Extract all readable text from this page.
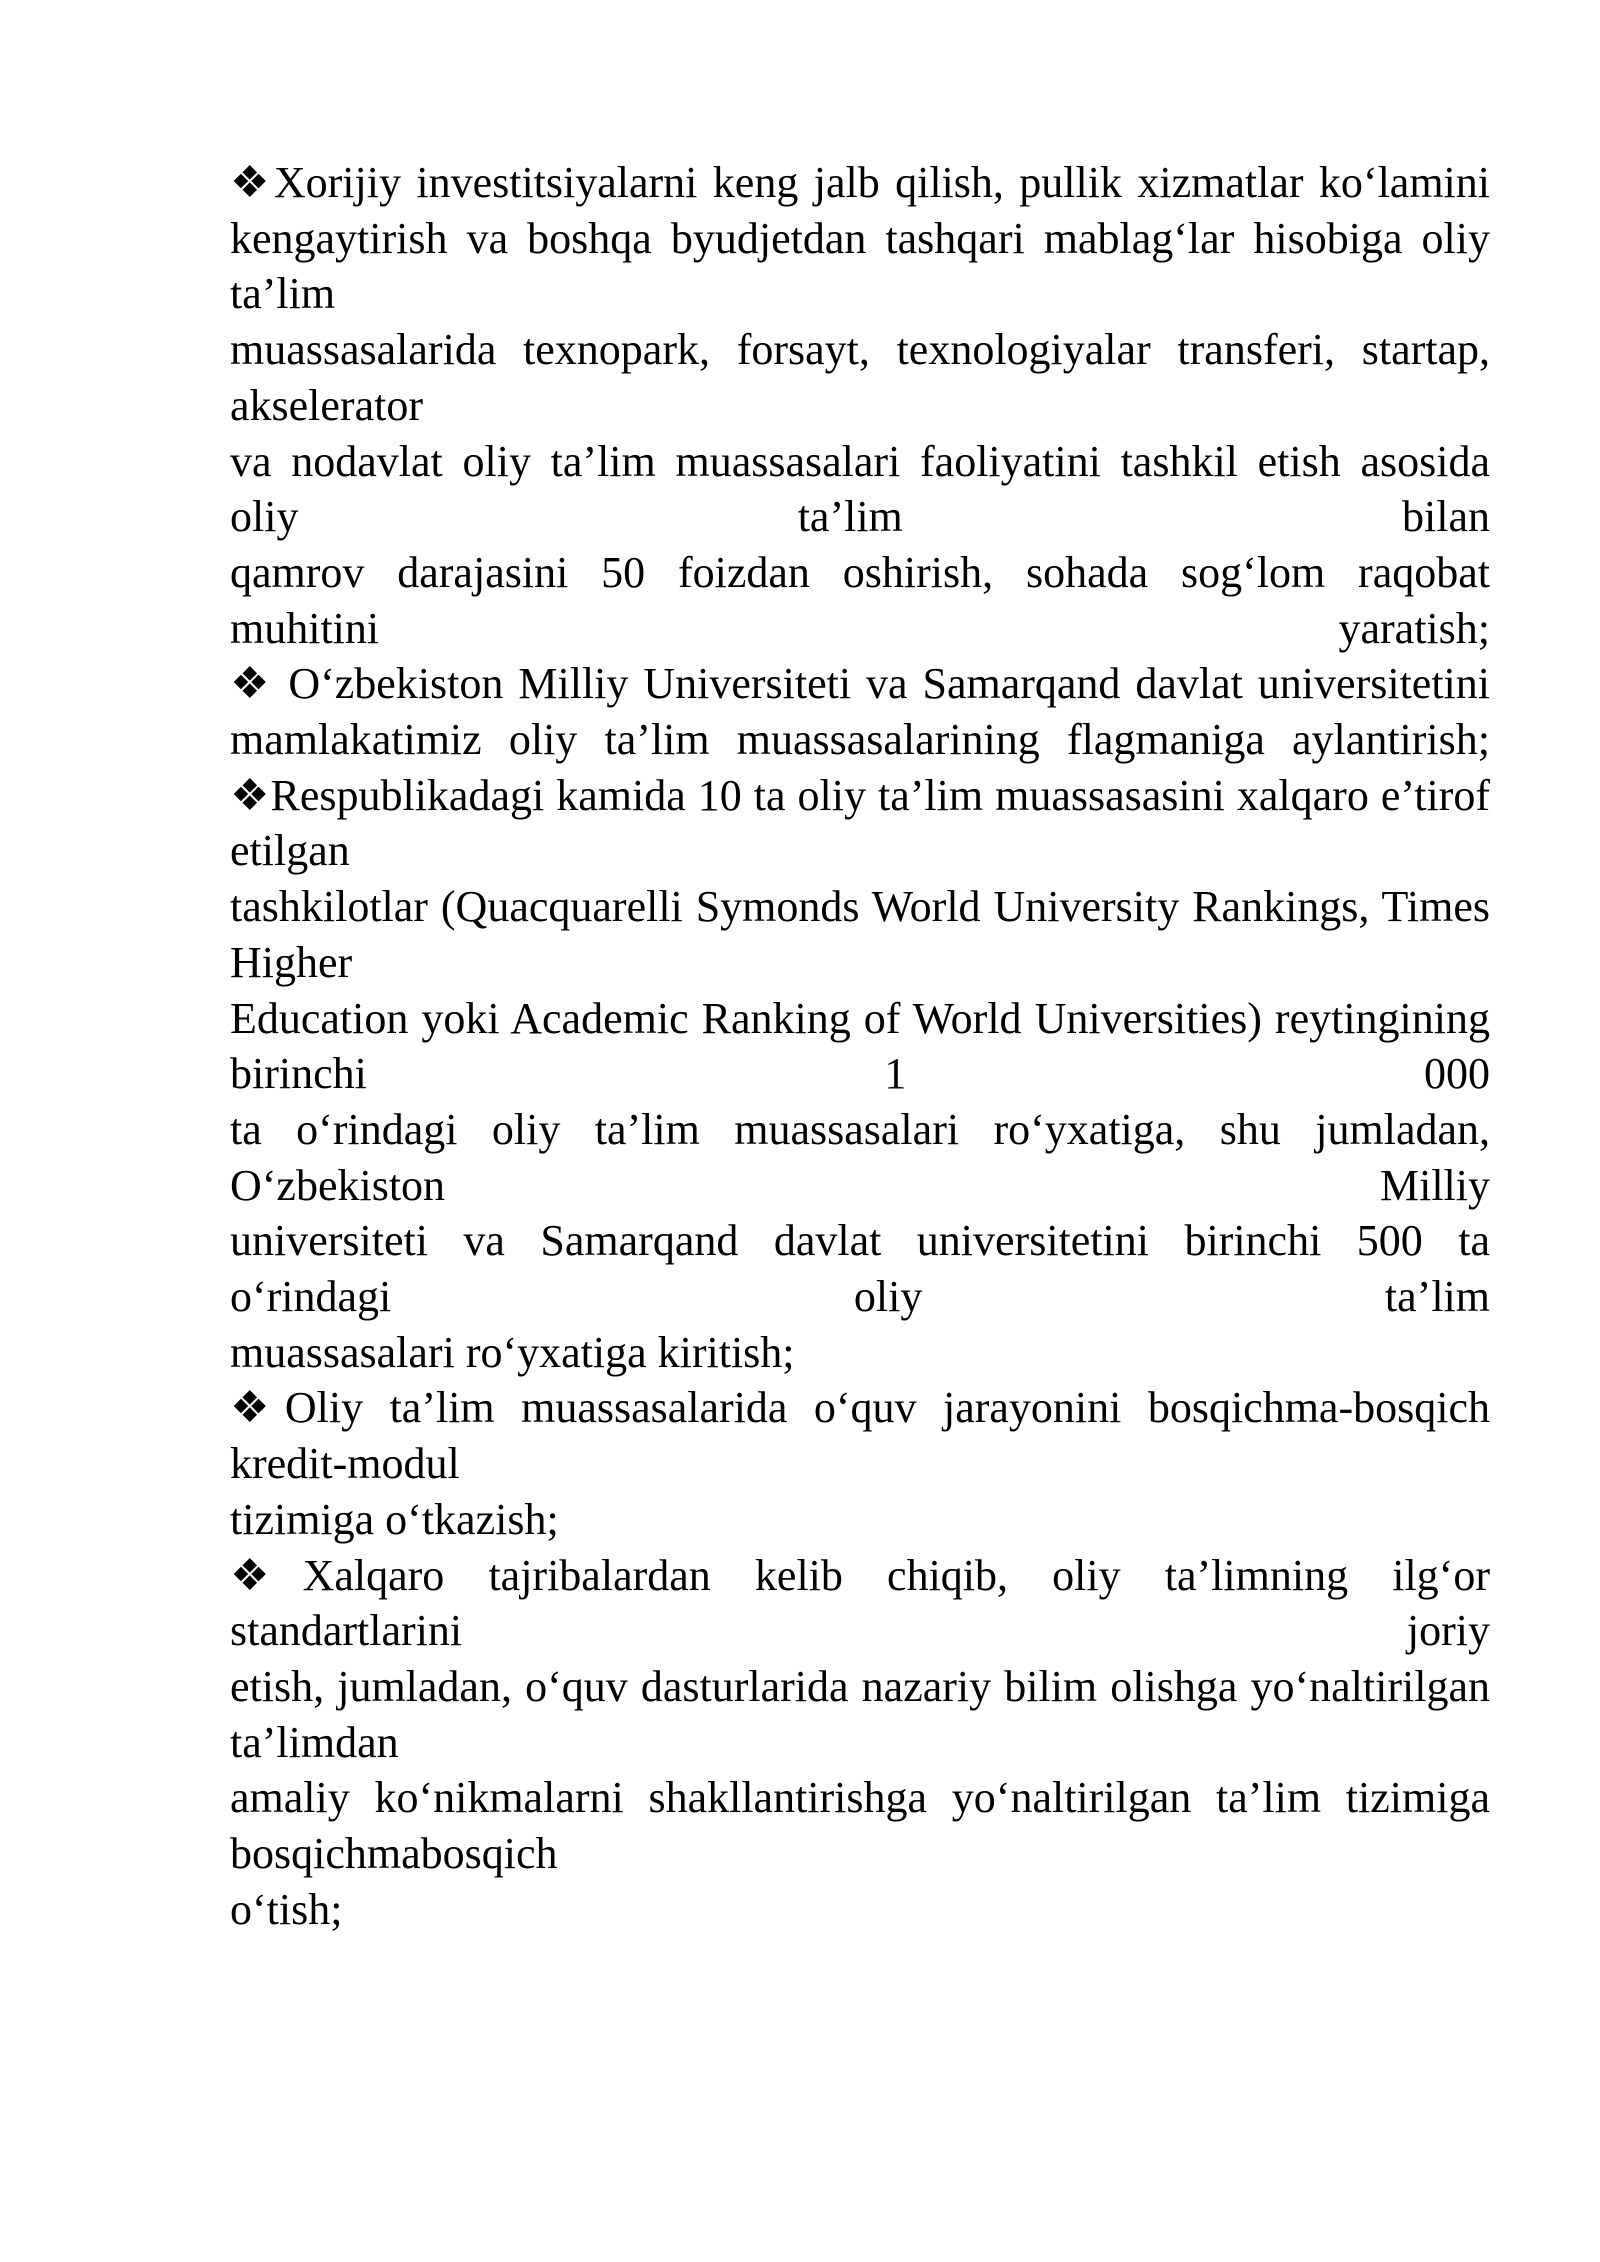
❖Xorijiy investitsiyalarni keng jalb qilish, pullik xizmatlar ko‘lamini
kengaytirish va boshqa byudjetdan tashqari mablag‘lar hisobiga oliy ta’lim
muassasalarida texnopark, forsayt, texnologiyalar transferi, startap, akselerator
va nodavlat oliy ta’lim muassasalari faoliyatini tashkil etish asosida oliy ta’lim bilan
qamrov darajasini 50 foizdan oshirish, sohada sog‘lom raqobat muhitini yaratish;
❖ O‘zbekiston Milliy Universiteti va Samarqand davlat universitetini
mamlakatimiz oliy ta’lim muassasalarining flagmaniga aylantirish;
❖Respublikadagi kamida 10 ta oliy ta’lim muassasasini xalqaro e’tirof etilgan
tashkilotlar (Quacquarelli Symonds World University Rankings, Times Higher
Education yoki Academic Ranking of World Universities) reytingining birinchi 1 000
ta o‘rindagi oliy ta’lim muassasalari ro‘yxatiga, shu jumladan, O‘zbekiston Milliy
universiteti va Samarqand davlat universitetini birinchi 500 ta o‘rindagi oliy ta’lim
muassasalari ro‘yxatiga kiritish;
❖Oliy ta’lim muassasalarida o‘quv jarayonini bosqichma-bosqich kredit-modul
tizimiga o‘tkazish;
❖Xalqaro tajribalardan kelib chiqib, oliy ta’limning ilg‘or standartlarini joriy
etish, jumladan, o‘quv dasturlarida nazariy bilim olishga yo‘naltirilgan ta’limdan
amaliy ko‘nikmalarni shakllantirishga yo‘naltirilgan ta’lim tizimiga bosqichmabosqich
o‘tish;
